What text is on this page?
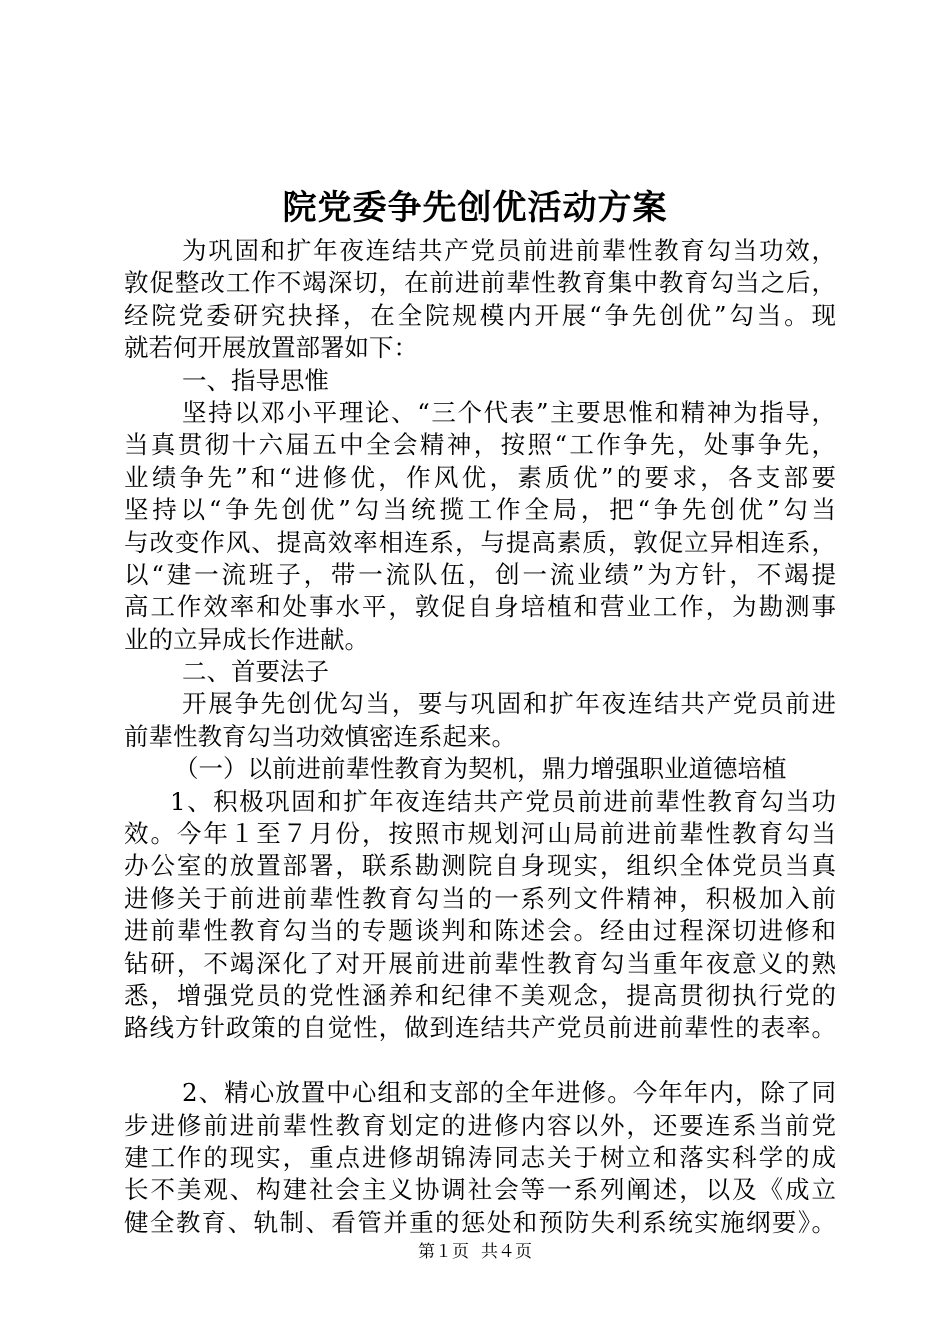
院党委争先创优活动方案
为巩固和扩年夜连结共产党员前进前辈性教育勾当功效，
敦促整改工作不竭深切，在前进前辈性教育集中教育勾当之后，
经院党委研究抉择，在全院规模内开展“争先创优”勾当。现
就若何开展放置部署如下：
一、指导思惟
坚持以邓小平理论、“三个代表”主要思惟和精神为指导，
当真贯彻十六届五中全会精神，按照“工作争先，处事争先，
业绩争先”和“进修优，作风优，素质优”的要求，各支部要
坚持以“争先创优”勾当统揽工作全局，把“争先创优”勾当
与改变作风、提高效率相连系，与提高素质，敦促立异相连系，
以“建一流班子，带一流队伍，创一流业绩”为方针，不竭提
高工作效率和处事水平，敦促自身培植和营业工作，为勘测事
业的立异成长作进献。
二、首要法子
开展争先创优勾当，要与巩固和扩年夜连结共产党员前进
前辈性教育勾当功效慎密连系起来。
（一）以前进前辈性教育为契机，鼎力增强职业道德培植
1、积极巩固和扩年夜连结共产党员前进前辈性教育勾当功
效。今年１至７月份，按照市规划河山局前进前辈性教育勾当
办公室的放置部署，联系勘测院自身现实，组织全体党员当真
进修关于前进前辈性教育勾当的一系列文件精神，积极加入前
进前辈性教育勾当的专题谈判和陈述会。经由过程深切进修和
钻研，不竭深化了对开展前进前辈性教育勾当重年夜意义的熟
悉，增强党员的党性涵养和纪律不美观念，提高贯彻执行党的
路线方针政策的自觉性，做到连结共产党员前进前辈性的表率。
2、精心放置中心组和支部的全年进修。今年年内，除了同
步进修前进前辈性教育划定的进修内容以外，还要连系当前党
建工作的现实，重点进修胡锦涛同志关于树立和落实科学的成
长不美观、构建社会主义协调社会等一系列阐述，以及《成立
健全教育、轨制、看管并重的惩处和预防失利系统实施纲要》。
第１页 共４页
